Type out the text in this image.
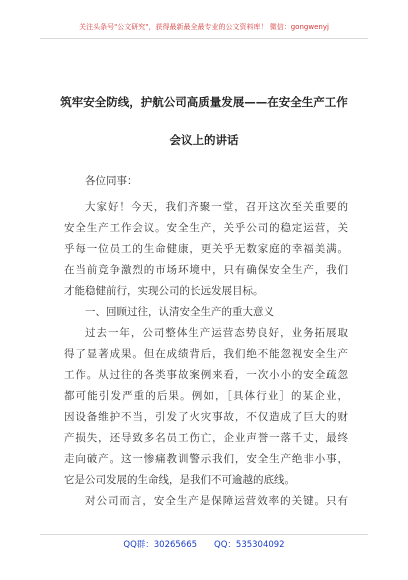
关注头条号"公文研究"，获得最新最全最专业的公文资料库！ 微信：gongwenyj
筑牢安全防线，护航公司高质量发展——在安全生产工作
会议上的讲话
各位同事：
大家好！今天，我们齐聚一堂，召开这次至关重要的
安全生产工作会议。安全生产，关乎公司的稳定运营，关
乎每一位员工的生命健康，更关乎无数家庭的幸福美满。
在当前竞争激烈的市场环境中，只有确保安全生产，我们
才能稳健前行，实现公司的长远发展目标。
一、回顾过往，认清安全生产的重大意义
过去一年，公司整体生产运营态势良好，业务拓展取
得了显著成果。但在成绩背后，我们绝不能忽视安全生产
工作。从过往的各类事故案例来看，一次小小的安全疏忽
都可能引发严重的后果。例如，［具体行业］的某企业，
因设备维护不当，引发了火灾事故，不仅造成了巨大的财
产损失，还导致多名员工伤亡，企业声誉一落千丈，最终
走向破产。这一惨痛教训警示我们，安全生产绝非小事，
它是公司发展的生命线，是我们不可逾越的底线。
对公司而言，安全生产是保障运营效率的关键。只有
QQ群：30265665　　QQ：535304092
